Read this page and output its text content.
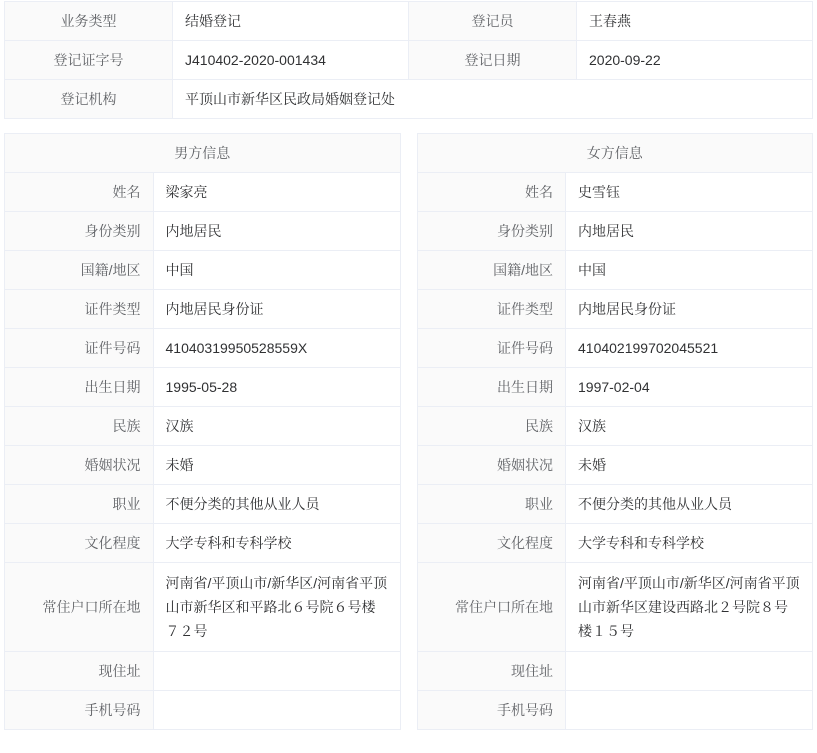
业务类型	结婚登记	登记员	王春燕
登记证字号	J410402-2020-001434	登记日期	2020-09-22
登记机构	平顶山市新华区民政局婚姻登记处		
男方信息	
姓名	梁家亮
身份类别	内地居民
国籍/地区	中国
证件类型	内地居民身份证
证件号码	41040319950528559X
出生日期	1995-05-28
民族	汉族
婚姻状况	未婚
职业	不便分类的其他从业人员
文化程度	大学专科和专科学校
常住户口所在地	河南省/平顶山市/新华区/河南省平顶山市新华区和平路北６号院６号楼７２号
现住址	
手机号码	
女方信息	
姓名	史雪钰
身份类别	内地居民
国籍/地区	中国
证件类型	内地居民身份证
证件号码	410402199702045521
出生日期	1997-02-04
民族	汉族
婚姻状况	未婚
职业	不便分类的其他从业人员
文化程度	大学专科和专科学校
常住户口所在地	河南省/平顶山市/新华区/河南省平顶山市新华区建设西路北２号院８号楼１５号
现住址	
手机号码	
